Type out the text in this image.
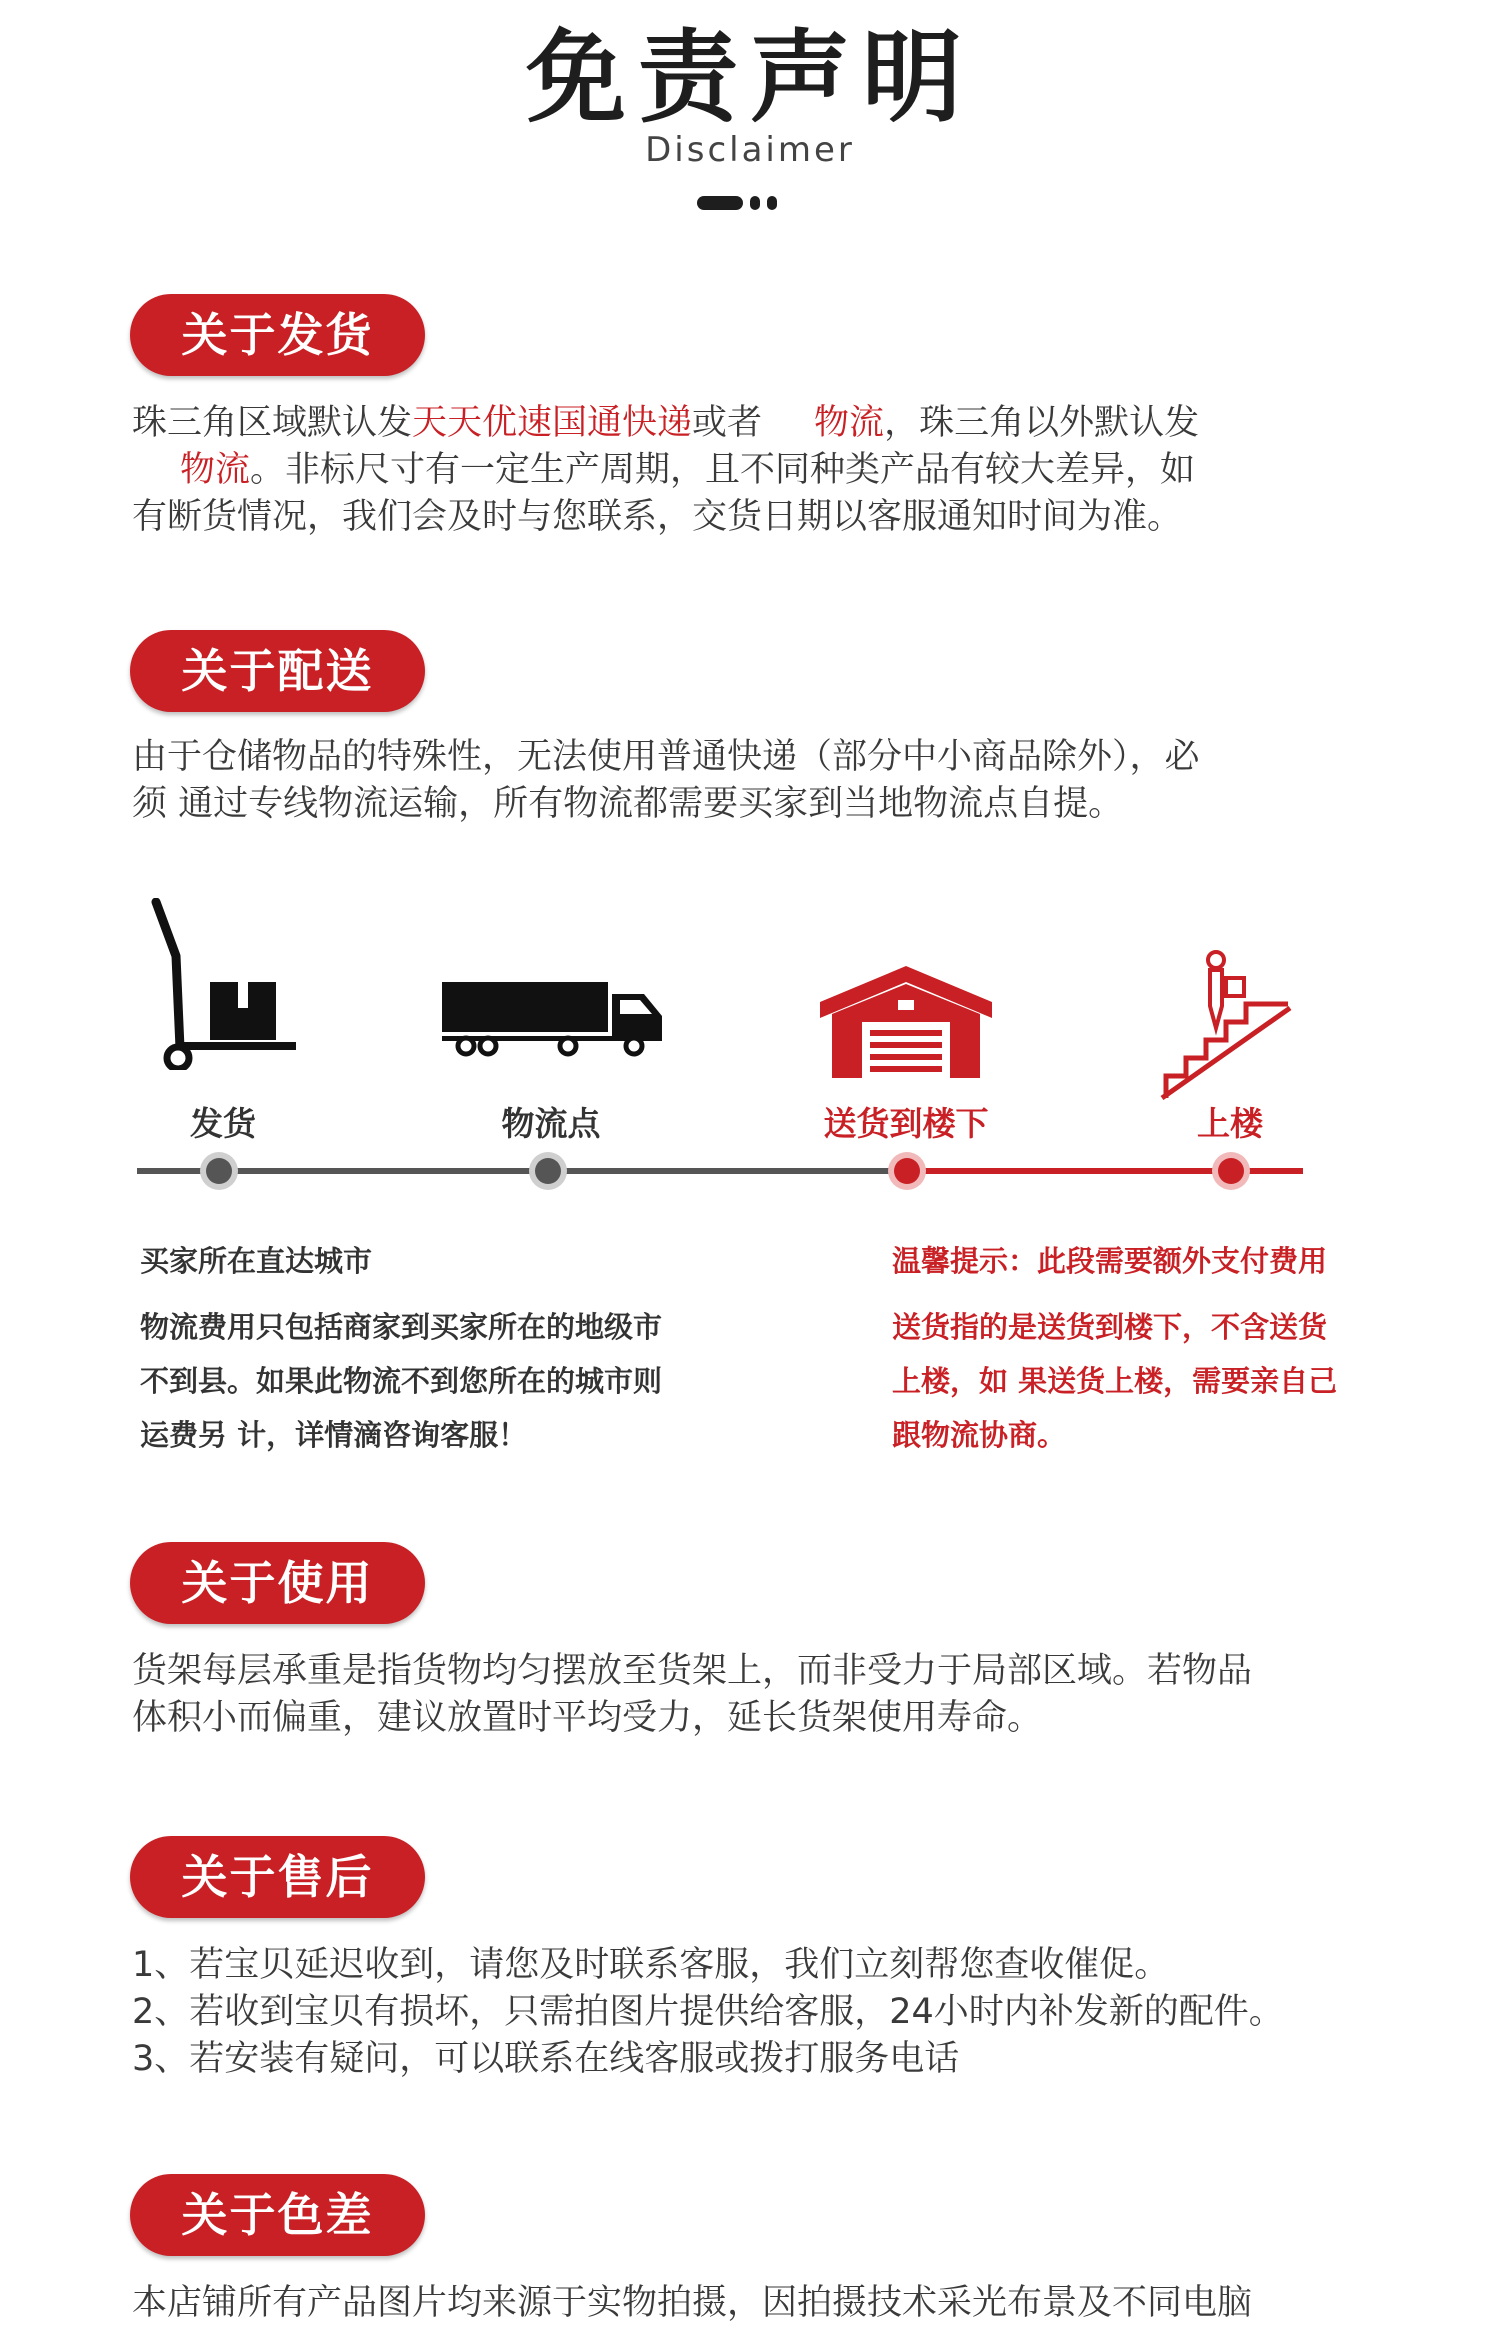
免责声明
Disclaimer
关于发货
珠三角区域默认发天天优速国通快递或者 物流，珠三角以外默认发
物流。非标尺寸有一定生产周期，且不同种类产品有较大差异，如
有断货情况，我们会及时与您联系，交货日期以客服通知时间为准。
关于配送
由于仓储物品的特殊性，无法使用普通快递（部分中小商品除外），必
须 通过专线物流运输，所有物流都需要买家到当地物流点自提。
发货	物流点	送货到楼下	上楼
买家所在直达城市
物流费用只包括商家到买家所在的地级市
不到县。如果此物流不到您所在的城市则
运费另 计，详情滴咨询客服！
温馨提示：此段需要额外支付费用
送货指的是送货到楼下，不含送货
上楼，如 果送货上楼，需要亲自己
跟物流协商。
关于使用
货架每层承重是指货物均匀摆放至货架上，而非受力于局部区域。若物品
体积小而偏重，建议放置时平均受力，延长货架使用寿命。
关于售后
1、若宝贝延迟收到，请您及时联系客服，我们立刻帮您查收催促。
2、若收到宝贝有损坏，只需拍图片提供给客服，24小时内补发新的配件。
3、若安装有疑问，可以联系在线客服或拨打服务电话
关于色差
本店铺所有产品图片均来源于实物拍摄，因拍摄技术采光布景及不同电脑
